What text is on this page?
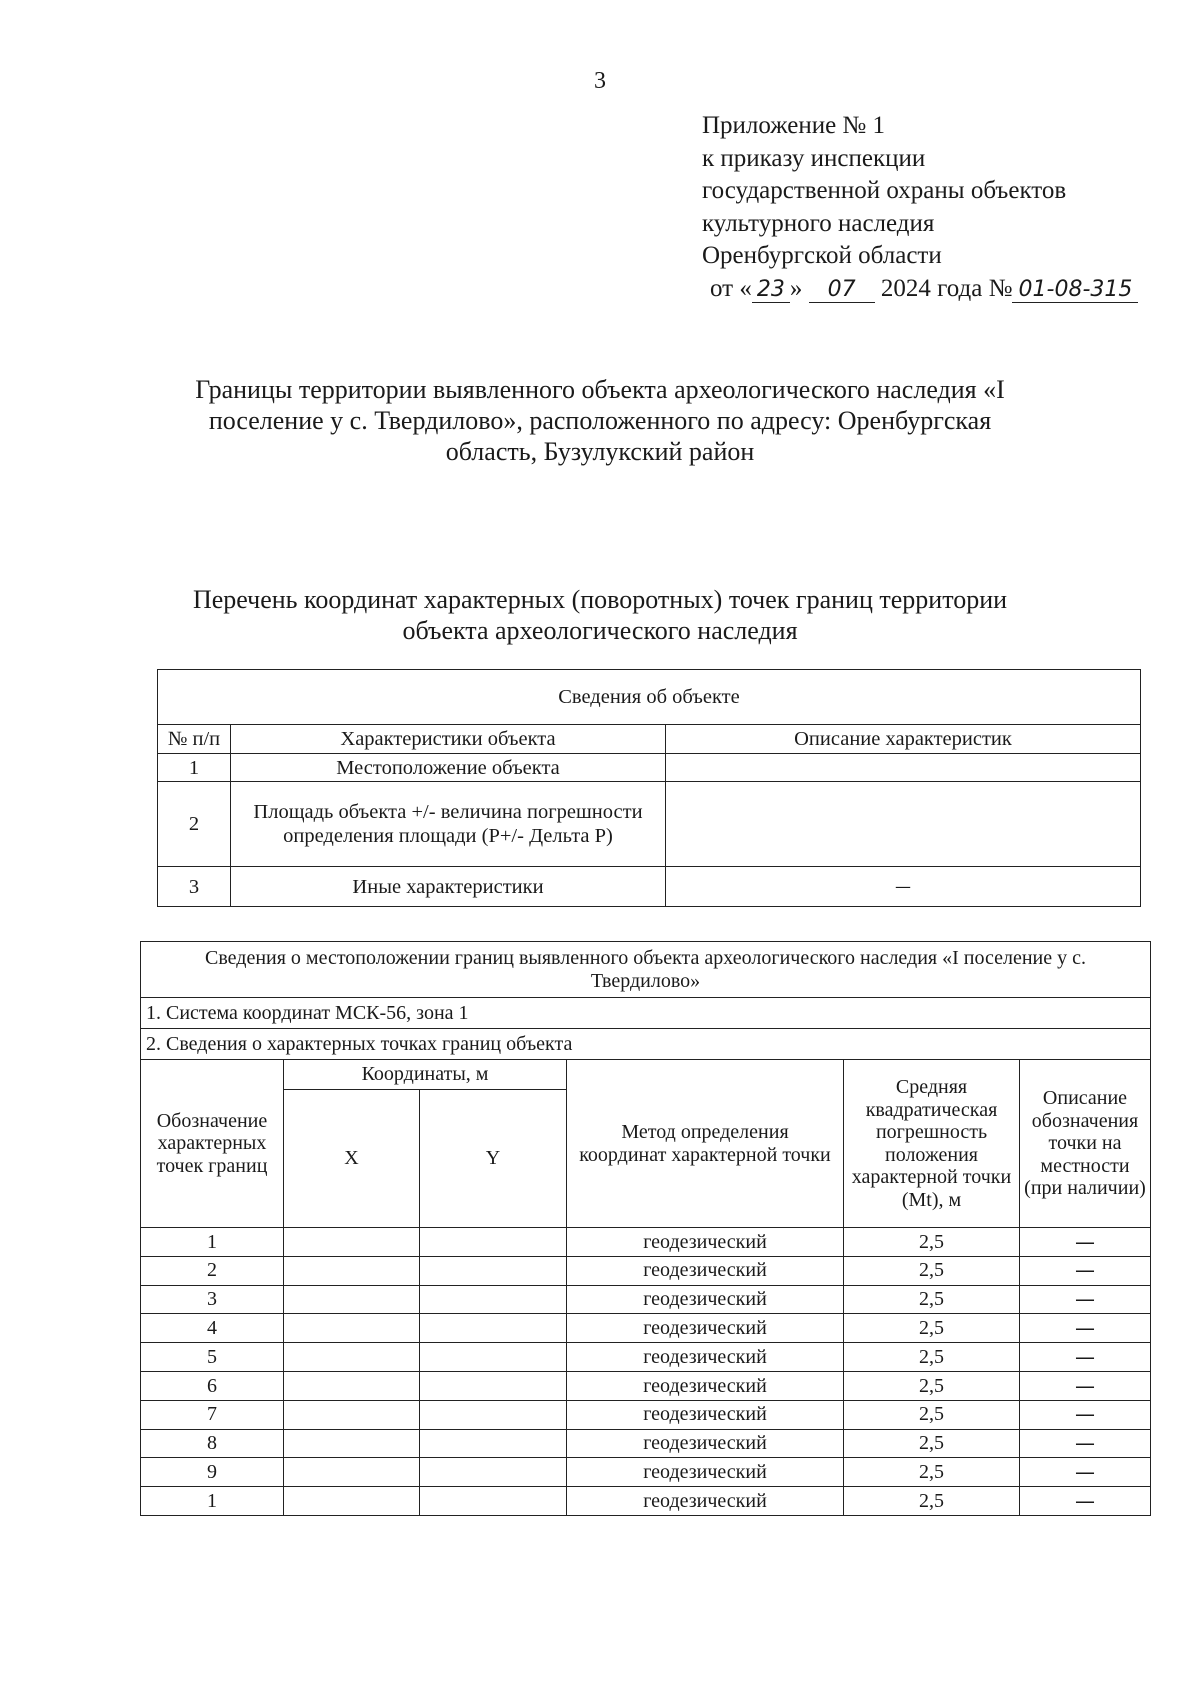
3
Приложение № 1
к приказу инспекции
государственной охраны объектов
культурного наследия
Оренбургской области
от « 23 » 07 2024 года № 01-08-315
Границы территории выявленного объекта археологического наследия «I поселение у с. Твердилово», расположенного по адресу: Оренбургская область, Бузулукский район
Перечень координат характерных (поворотных) точек границ территории объекта археологического наследия
Сведения об объекте		
№ п/п	Характеристики объекта	Описание характеристик
1	Местоположение объекта	
2	Площадь объекта +/- величина погрешности определения площади (Р+/- Дельта Р)	
3	Иные характеристики	—
Сведения о местоположении границ выявленного объекта археологического наследия «I поселение у с. Твердилово»					
1. Система координат МСК-56, зона 1					
2. Сведения о характерных точках границ объекта					
Обозначение характерных точек границ	Координаты, м		Метод определения координат характерной точки	Средняя квадратическая погрешность положения характерной точки (Mt), м	Описание обозначения точки на местности (при наличии)
	X	Y			
1			геодезический	2,5	—
2			геодезический	2,5	—
3			геодезический	2,5	—
4			геодезический	2,5	—
5			геодезический	2,5	—
6			геодезический	2,5	—
7			геодезический	2,5	—
8			геодезический	2,5	—
9			геодезический	2,5	—
1			геодезический	2,5	—
